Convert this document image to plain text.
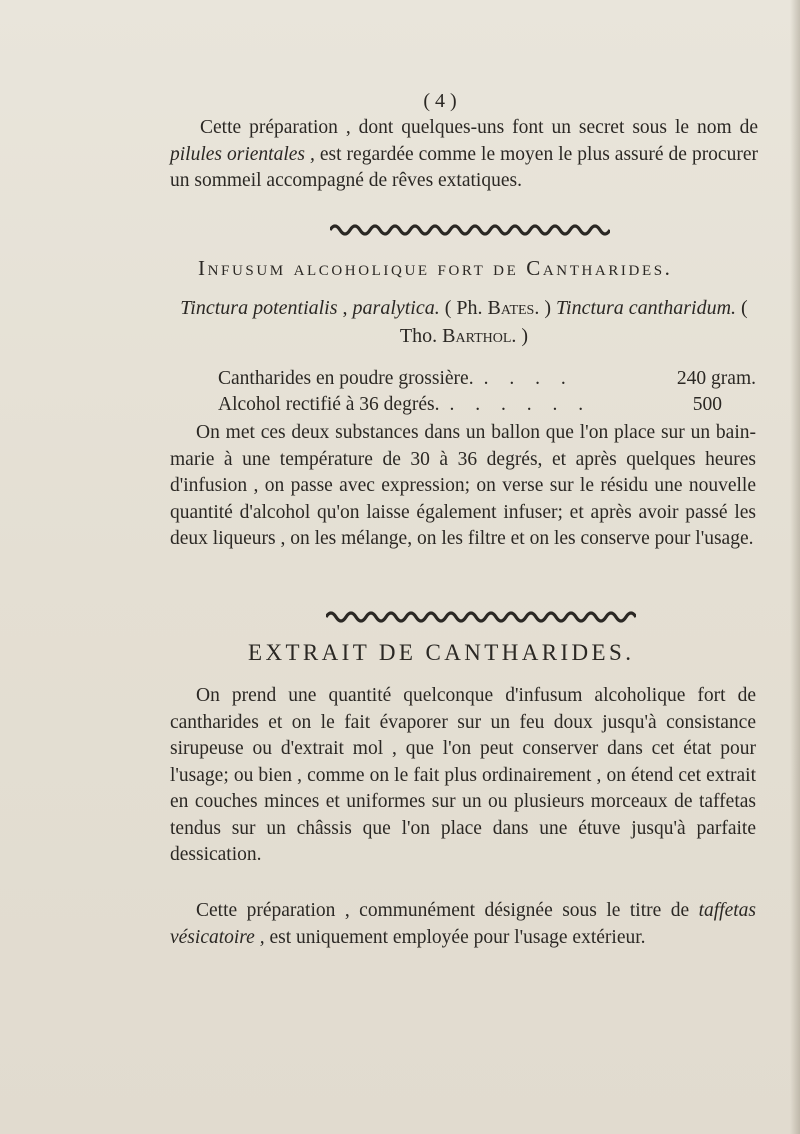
( 4 )
Cette préparation , dont quelques-uns font un secret sous le nom de pilules orientales , est regardée comme le moyen le plus assuré de procurer un sommeil accompagné de rêves extatiques.
Infusum alcoholique fort de Cantharides.
Tinctura potentialis , paralytica. ( Ph. Bates. ) Tinctura cantharidum. ( Tho. Barthol. )
Cantharides en poudre grossière. . . . .	240 gram.
Alcohol rectifié à 36 degrés. . . . . . .	500
On met ces deux substances dans un ballon que l'on place sur un bain-marie à une température de 30 à 36 degrés, et après quelques heures d'infusion , on passe avec expression; on verse sur le résidu une nouvelle quantité d'alcohol qu'on laisse également infuser; et après avoir passé les deux liqueurs , on les mélange, on les filtre et on les conserve pour l'usage.
EXTRAIT DE CANTHARIDES.
On prend une quantité quelconque d'infusum alcoholique fort de cantharides et on le fait évaporer sur un feu doux jusqu'à consistance sirupeuse ou d'extrait mol , que l'on peut conserver dans cet état pour l'usage; ou bien , comme on le fait plus ordinairement , on étend cet extrait en couches minces et uniformes sur un ou plusieurs morceaux de taffetas tendus sur un châssis que l'on place dans une étuve jusqu'à parfaite dessication.
Cette préparation , communément désignée sous le titre de taffetas vésicatoire , est uniquement employée pour l'usage extérieur.
